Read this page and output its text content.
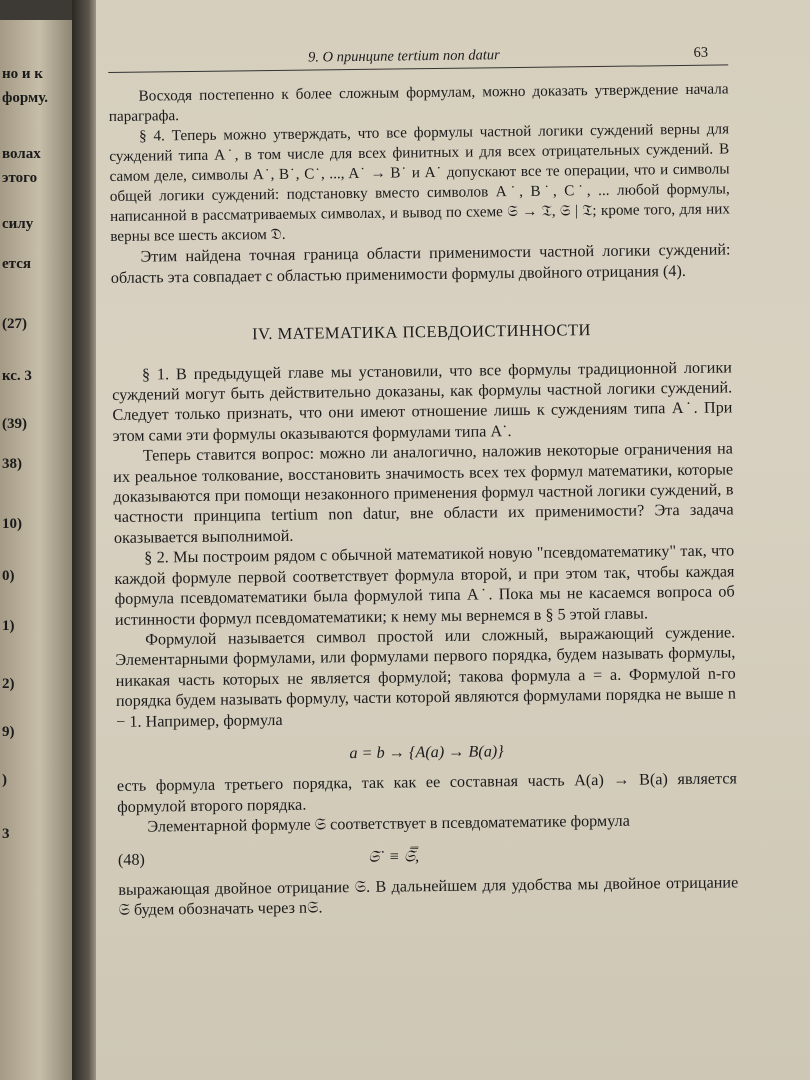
но и к
форму.
волах
этого
силу
ется
(27)
кс. 3
(39)
38)
10)
0)
1)
2)
9)
)
3
9. О принципе tertium non datur	63

Восходя постепенно к более сложным формулам, можно доказать утверждение начала параграфа.

§ 4. Теперь можно утверждать, что все формулы частной логики суждений верны для суждений типа A˙, в том числе для всех финитных и для всех отрицательных суждений. В самом деле, символы A˙, B˙, C˙, ..., A˙ → B˙ и A˙ допускают все те операции, что и символы общей логики суждений: подстановку вместо символов A˙, B˙, C˙, ... любой формулы, написанной в рассматриваемых символах, и вывод по схеме 𝔖 → 𝔗, 𝔖 | 𝔗; кроме того, для них верны все шесть аксиом 𝔇.

Этим найдена точная граница области применимости частной логики суждений: область эта совпадает с областью применимости формулы двойного отрицания (4).

IV. МАТЕМАТИКА ПСЕВДОИСТИННОСТИ

§ 1. В предыдущей главе мы установили, что все формулы традиционной логики суждений могут быть действительно доказаны, как формулы частной логики суждений. Следует только признать, что они имеют отношение лишь к суждениям типа A˙. При этом сами эти формулы оказываются формулами типа A˙.

Теперь ставится вопрос: можно ли аналогично, наложив некоторые ограничения на их реальное толкование, восстановить значимость всех тех формул математики, которые доказываются при помощи незаконного применения формул частной логики суждений, в частности принципа tertium non datur, вне области их применимости? Эта задача оказывается выполнимой.

§ 2. Мы построим рядом с обычной математикой новую "псевдоматематику" так, что каждой формуле первой соответствует формула второй, и при этом так, чтобы каждая формула псевдоматематики была формулой типа A˙. Пока мы не касаемся вопроса об истинности формул псевдоматематики; к нему мы вернемся в § 5 этой главы.

Формулой называется символ простой или сложный, выражающий суждение. Элементарными формулами, или формулами первого порядка, будем называть формулы, никакая часть которых не является формулой; такова формула a = a. Формулой n-го порядка будем называть формулу, части которой являются формулами порядка не выше n − 1. Например, формула

a = b → {A(a) → B(a)}

есть формула третьего порядка, так как ее составная часть A(a) → B(a) является формулой второго порядка.

Элементарной формуле 𝔖 соответствует в псевдоматематике формула

(48)	𝔖˙ ≡ 𝔖̿,

выражающая двойное отрицание 𝔖. В дальнейшем для удобства мы двойное отрицание 𝔖 будем обозначать через n𝔖.
